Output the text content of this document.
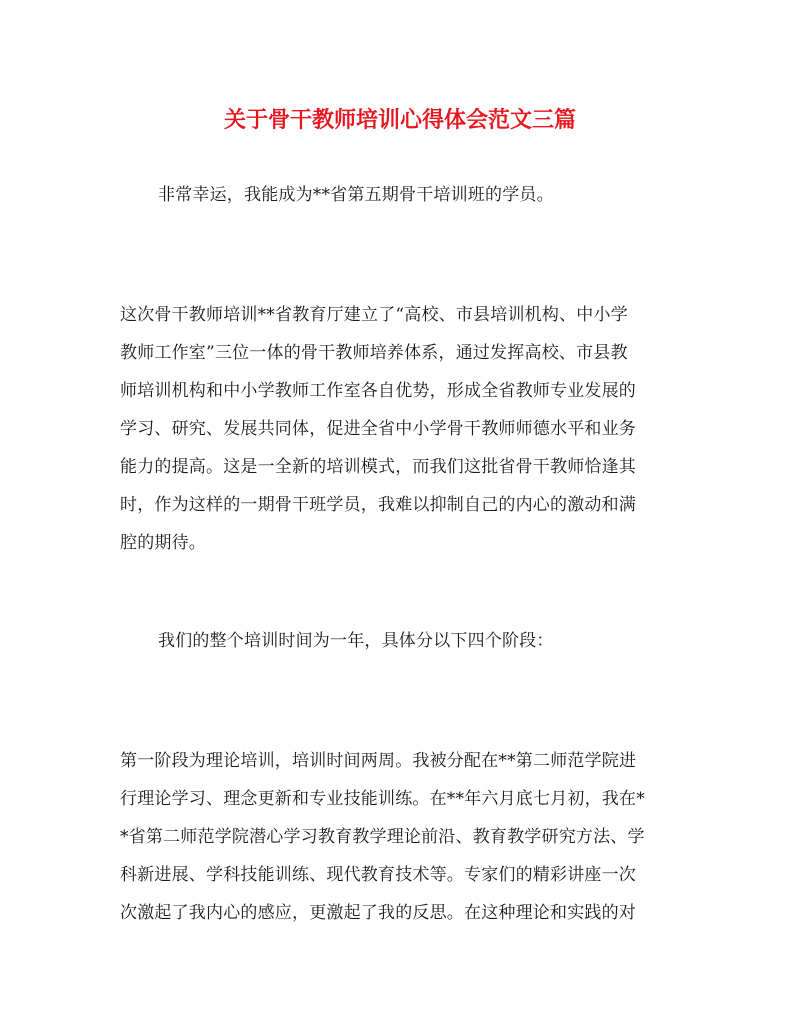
关于骨干教师培训心得体会范文三篇

非常幸运，我能成为**省第五期骨干培训班的学员。

这次骨干教师培训**省教育厅建立了“高校、市县培训机构、中小学
教师工作室”三位一体的骨干教师培养体系，通过发挥高校、市县教
师培训机构和中小学教师工作室各自优势，形成全省教师专业发展的
学习、研究、发展共同体，促进全省中小学骨干教师师德水平和业务
能力的提高。这是一全新的培训模式，而我们这批省骨干教师恰逢其
时，作为这样的一期骨干班学员，我难以抑制自己的内心的激动和满
腔的期待。

我们的整个培训时间为一年，具体分以下四个阶段：

第一阶段为理论培训，培训时间两周。我被分配在**第二师范学院进
行理论学习、理念更新和专业技能训练。在**年六月底七月初，我在*
*省第二师范学院潜心学习教育教学理论前沿、教育教学研究方法、学
科新进展、学科技能训练、现代教育技术等。专家们的精彩讲座一次
次激起了我内心的感应，更激起了我的反思。在这种理论和实践的对
